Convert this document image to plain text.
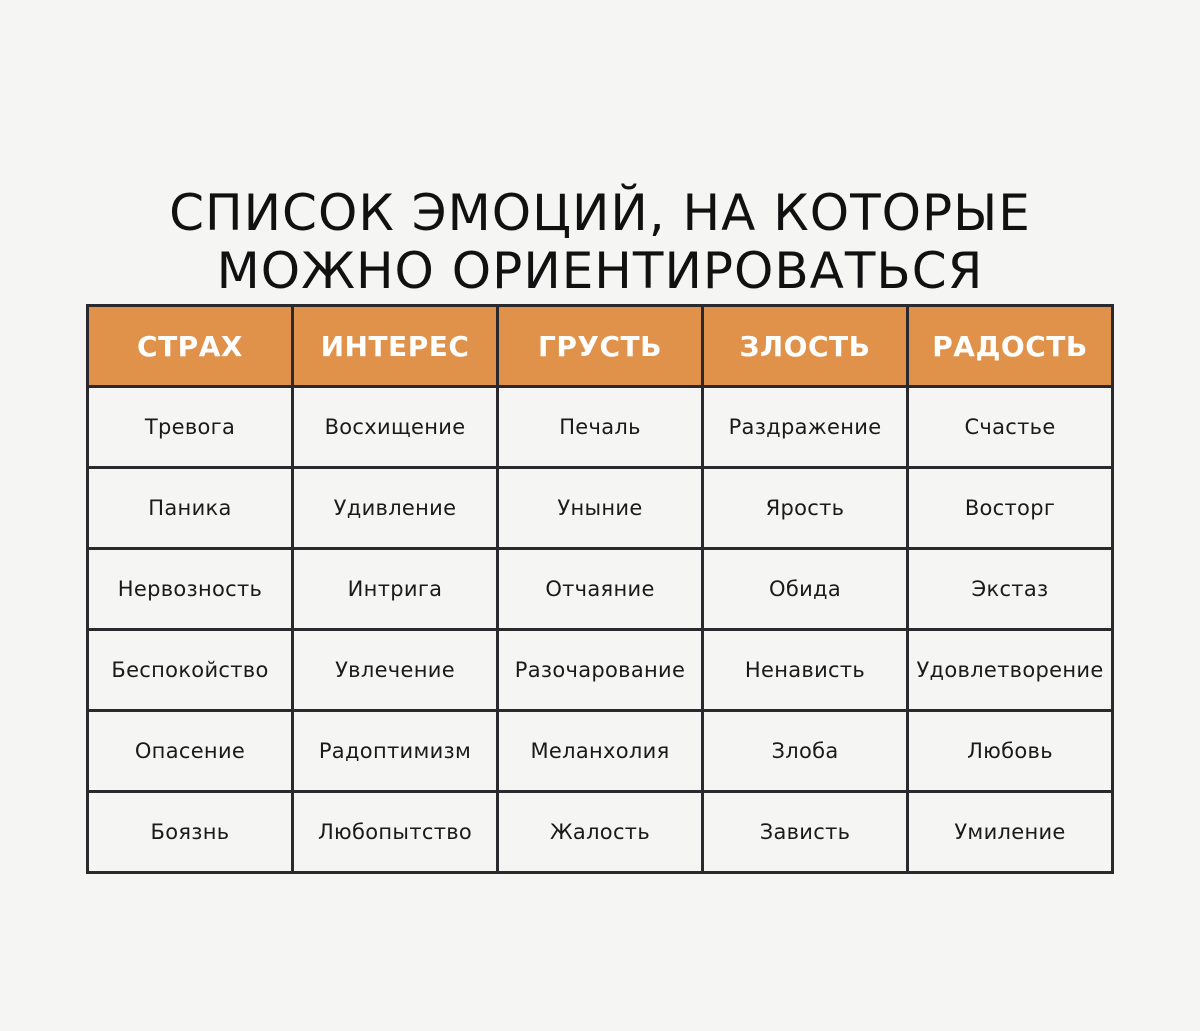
СПИСОК ЭМОЦИЙ, НА КОТОРЫЕ
МОЖНО ОРИЕНТИРОВАТЬСЯ
СТРАХ	ИНТЕРЕС	ГРУСТЬ	ЗЛОСТЬ	РАДОСТЬ
Тревога	Восхищение	Печаль	Раздражение	Счастье
Паника	Удивление	Уныние	Ярость	Восторг
Нервозность	Интрига	Отчаяние	Обида	Экстаз
Беспокойство	Увлечение	Разочарование	Ненависть	Удовлетворение
Опасение	Радоптимизм	Меланхолия	Злоба	Любовь
Боязнь	Любопытство	Жалость	Зависть	Умиление
